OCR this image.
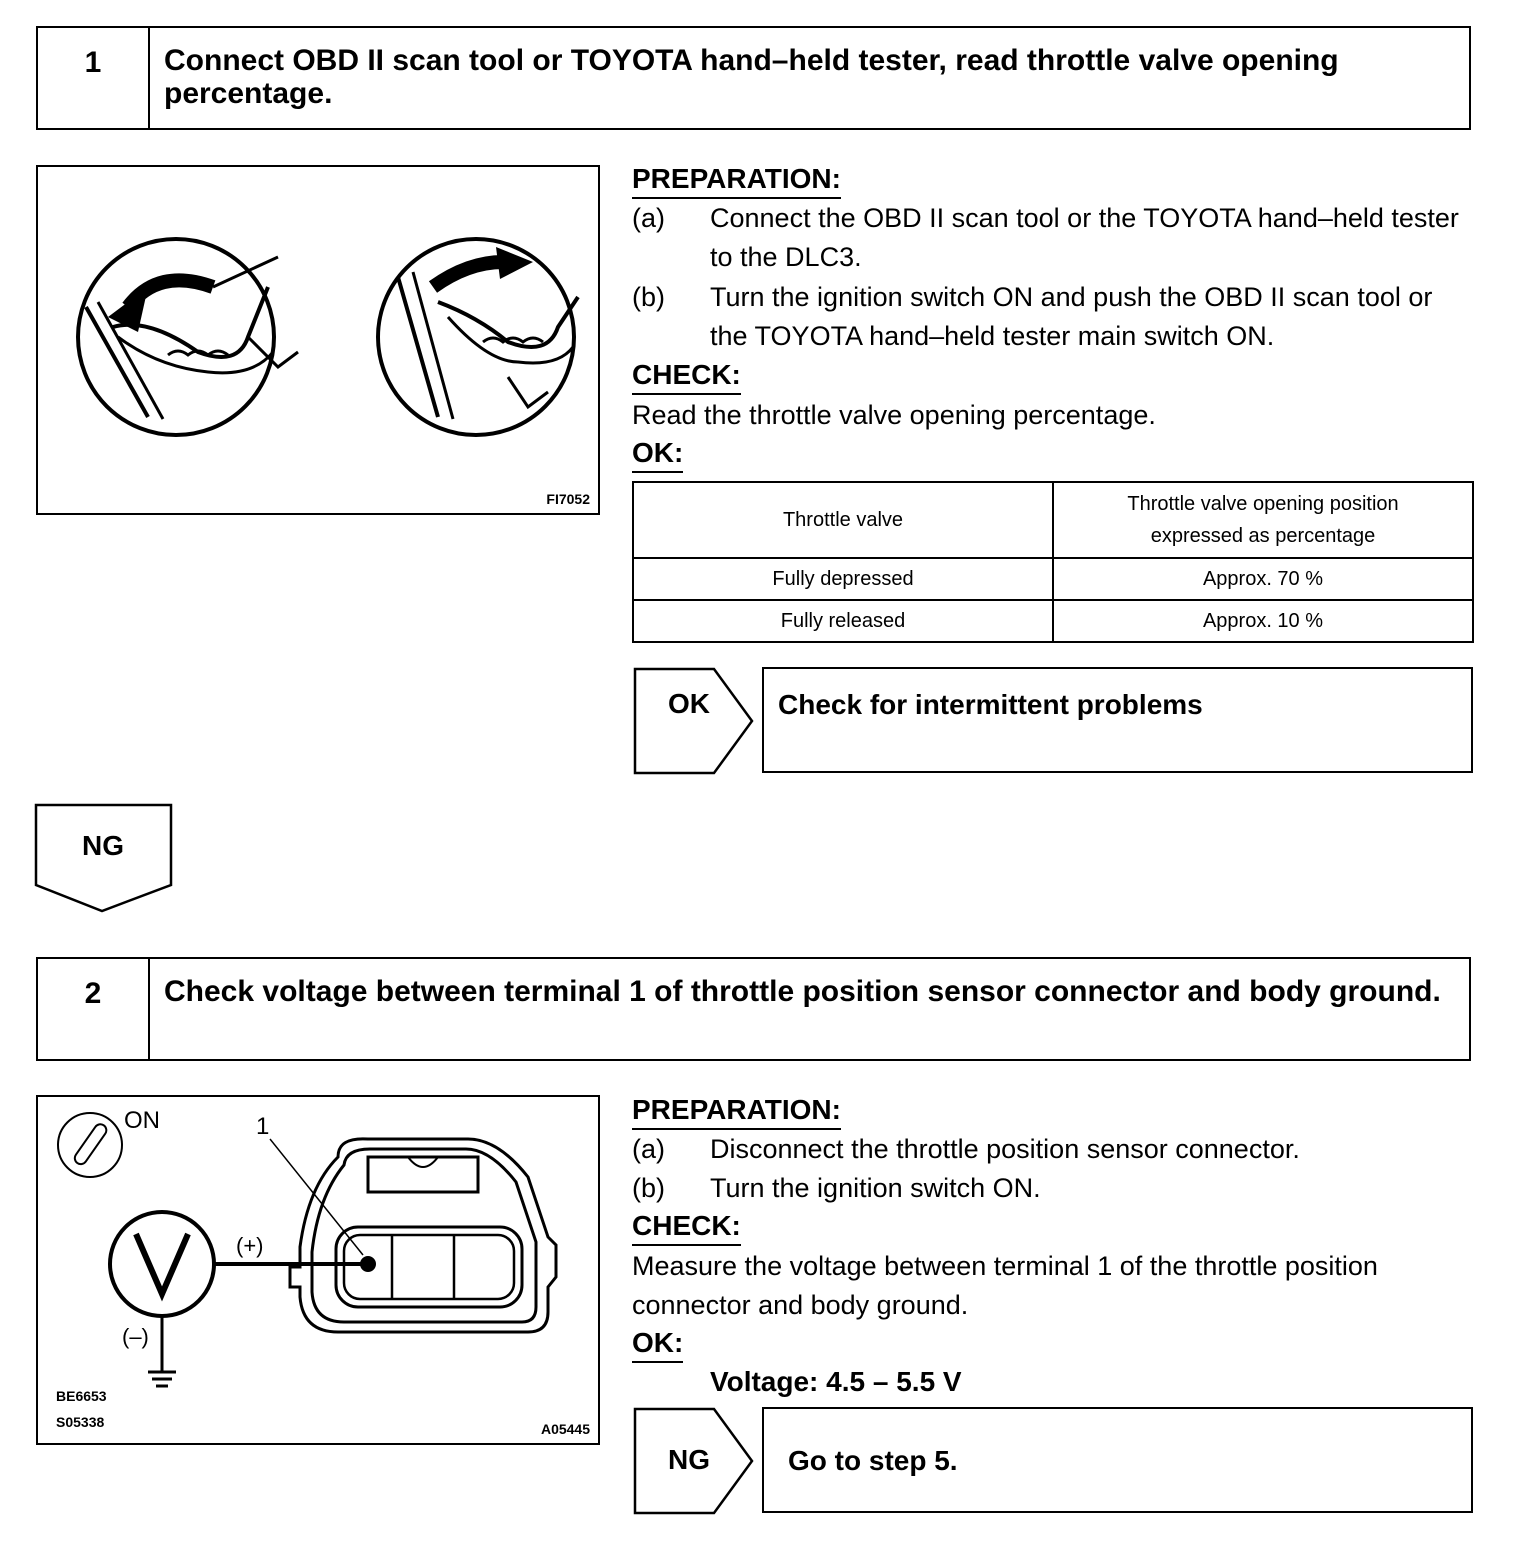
1	Connect OBD II scan tool or TOYOTA hand–held tester, read throttle valve opening percentage.
FI7052
PREPARATION:
(a) Connect the OBD II scan tool or the TOYOTA hand–held tester to the DLC3.
(b) Turn the ignition switch ON and push the OBD II scan tool or the TOYOTA hand–held tester main switch ON.
CHECK:
Read the throttle valve opening percentage.
OK:
Throttle valve	Throttle valve opening position expressed as percentage
Fully depressed	Approx. 70 %
Fully released	Approx. 10 %
OK	Check for intermittent problems
NG
2	Check voltage between terminal 1 of throttle position sensor connector and body ground.
ON	1
(+)
(–)
BE6653
S05338	A05445
PREPARATION:
(a) Disconnect the throttle position sensor connector.
(b) Turn the ignition switch ON.
CHECK:
Measure the voltage between terminal 1 of the throttle position connector and body ground.
OK:
Voltage: 4.5 – 5.5 V
NG	Go to step 5.
